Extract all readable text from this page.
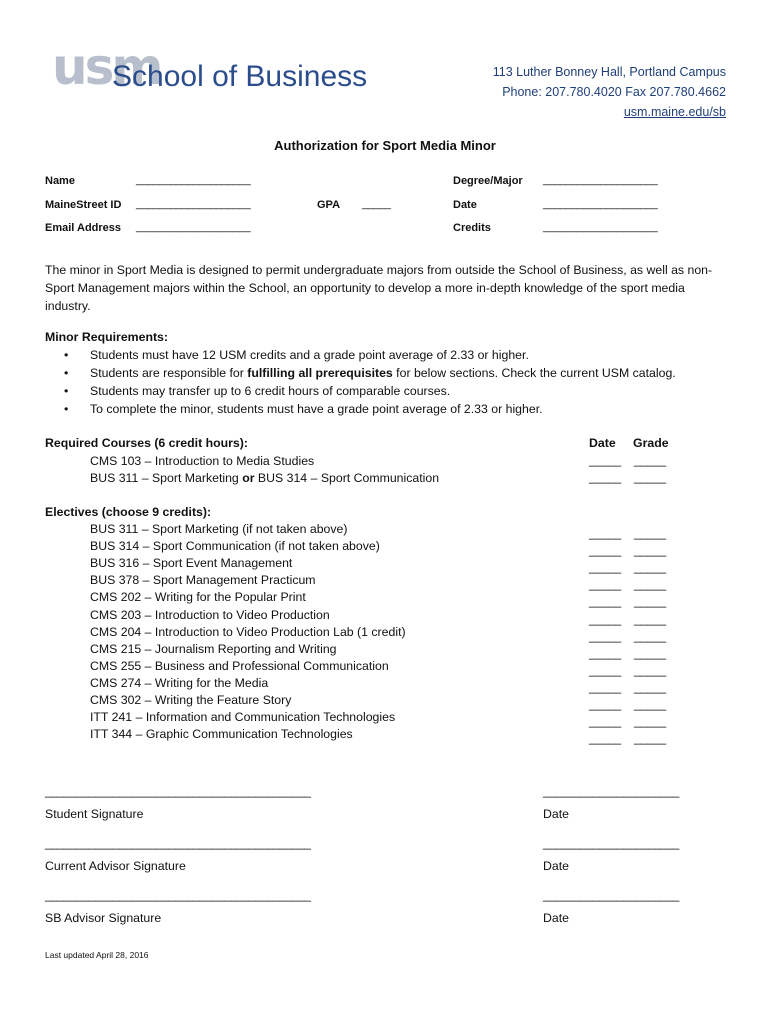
usm
School of Business	113 Luther Bonney Hall, Portland Campus
Phone: 207.780.4020 Fax 207.780.4662
usm.maine.edu/sb
Authorization for Sport Media Minor
Name	____________________	Degree/Major ____________________
MaineStreet ID ____________________	GPA _____	Date	____________________
Email Address ____________________	Credits	____________________
The minor in Sport Media is designed to permit undergraduate majors from outside the School of Business, as well as non-Sport Management majors within the School, an opportunity to develop a more in-depth knowledge of the sport media industry.
Minor Requirements:
• Students must have 12 USM credits and a grade point average of 2.33 or higher.
• Students are responsible for fulfilling all prerequisites for below sections. Check the current USM catalog.
• Students may transfer up to 6 credit hours of comparable courses.
• To complete the minor, students must have a grade point average of 2.33 or higher.
Required Courses (6 credit hours):	Date Grade
CMS 103 – Introduction to Media Studies	_____ _____
BUS 311 – Sport Marketing or BUS 314 – Sport Communication	_____ _____
Electives (choose 9 credits):
BUS 311 – Sport Marketing (if not taken above)	_____ _____
BUS 314 – Sport Communication (if not taken above)	_____ _____
BUS 316 – Sport Event Management	_____ _____
BUS 378 – Sport Management Practicum	_____ _____
CMS 202 – Writing for the Popular Print	_____ _____
CMS 203 – Introduction to Video Production	_____ _____
CMS 204 – Introduction to Video Production Lab (1 credit)	_____ _____
CMS 215 – Journalism Reporting and Writing	_____ _____
CMS 255 – Business and Professional Communication	_____ _____
CMS 274 – Writing for the Media	_____ _____
CMS 302 – Writing the Feature Story	_____ _____
ITT 241 – Information and Communication Technologies	_____ _____
ITT 344 – Graphic Communication Technologies	_____ _____
___________________________________________	______________________
Student Signature	Date
___________________________________________	______________________
Current Advisor Signature	Date
___________________________________________	______________________
SB Advisor Signature	Date
Last updated April 28, 2016
